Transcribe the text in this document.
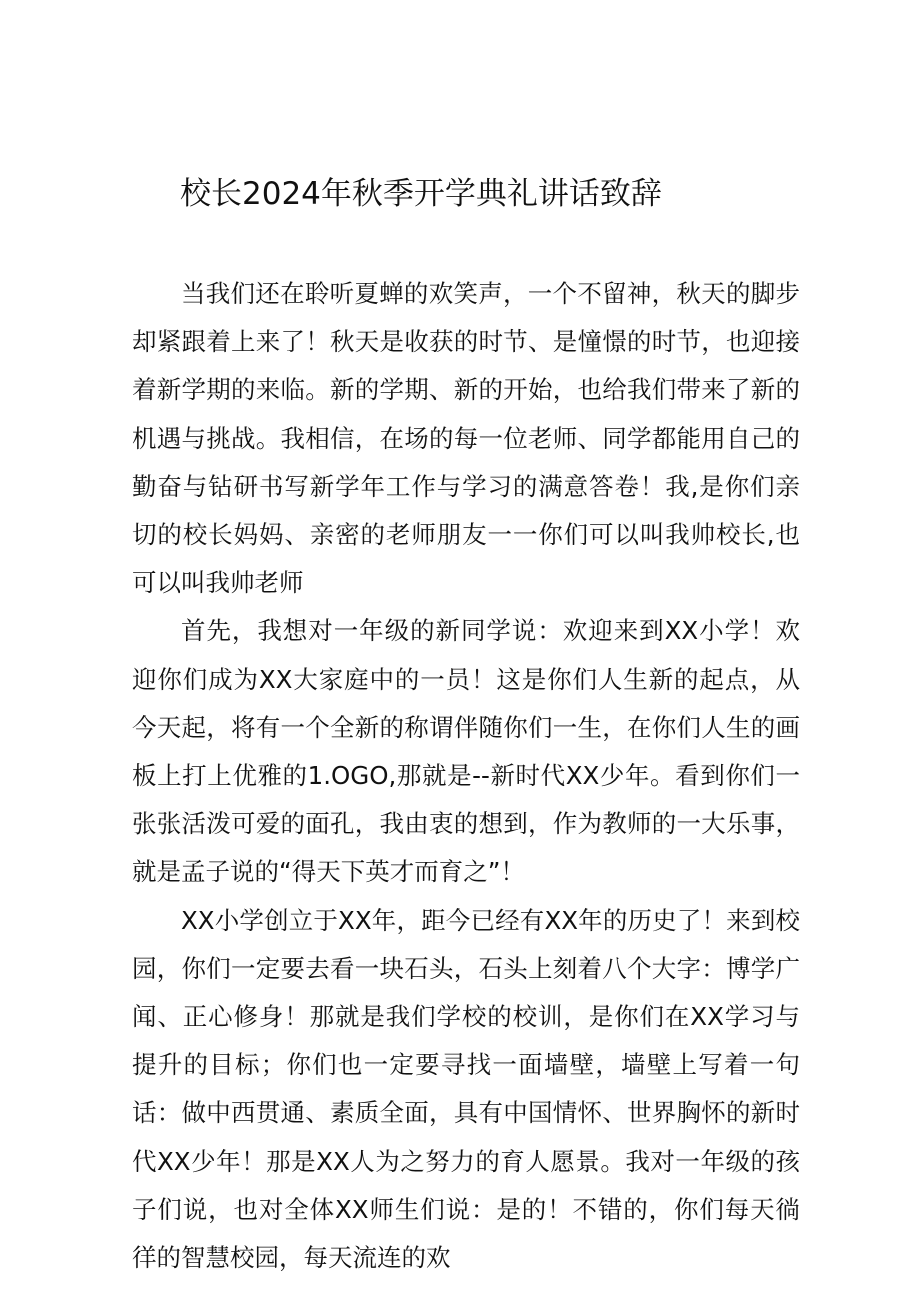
校长2024年秋季开学典礼讲话致辞

当我们还在聆听夏蝉的欢笑声，一个不留神，秋天的脚步却紧跟着上来了！秋天是收获的时节、是憧憬的时节，也迎接着新学期的来临。新的学期、新的开始，也给我们带来了新的机遇与挑战。我相信，在场的每一位老师、同学都能用自己的勤奋与钻研书写新学年工作与学习的满意答卷！我,是你们亲切的校长妈妈、亲密的老师朋友一一你们可以叫我帅校长,也可以叫我帅老师

首先，我想对一年级的新同学说：欢迎来到XX小学！欢迎你们成为XX大家庭中的一员！这是你们人生新的起点，从今天起，将有一个全新的称谓伴随你们一生，在你们人生的画板上打上优雅的1.OGO,那就是--新时代XX少年。看到你们一张张活泼可爱的面孔，我由衷的想到，作为教师的一大乐事，就是孟子说的“得天下英才而育之”！

XX小学创立于XX年，距今已经有XX年的历史了！来到校园，你们一定要去看一块石头，石头上刻着八个大字：博学广闻、正心修身！那就是我们学校的校训，是你们在XX学习与提升的目标；你们也一定要寻找一面墙壁，墙壁上写着一句话：做中西贯通、素质全面，具有中国情怀、世界胸怀的新时代XX少年！那是XX人为之努力的育人愿景。我对一年级的孩子们说，也对全体XX师生们说：是的！不错的，你们每天徜徉的智慧校园，每天流连的欢
